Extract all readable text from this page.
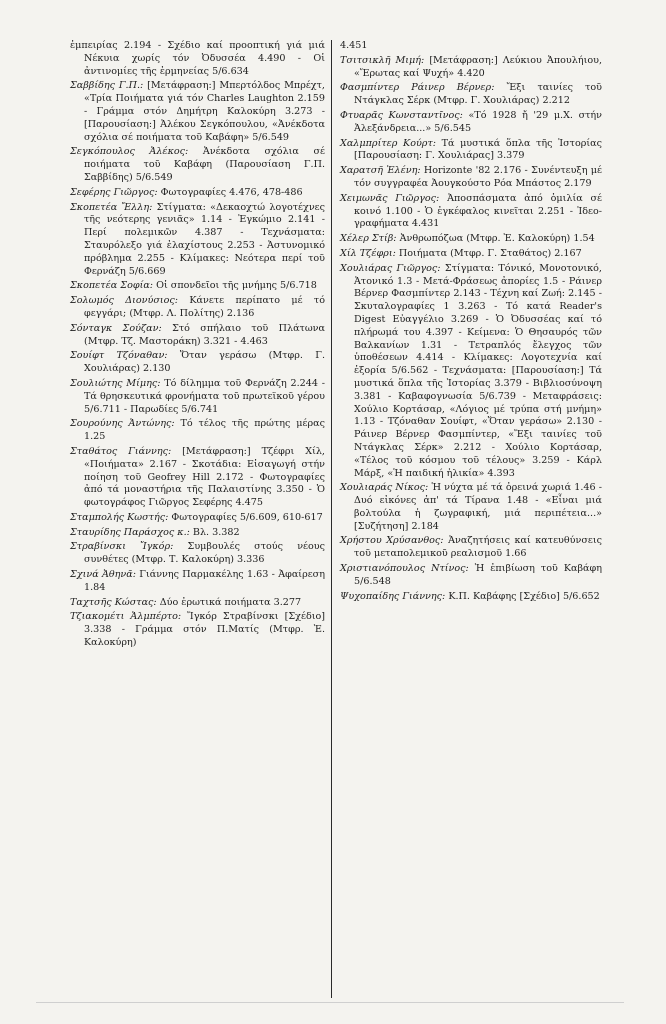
ἐμπειρίας 2.194 - Σχέδιο καί προοπτική γιά μιά Νέκυια χωρίς τόν Ὀδυσσέα 4.490 - Οἱ ἀντινομίες τῆς ἑρμηνείας 5/6.634

Σαββίδης Γ.Π.: [Μετάφραση:] Μπερτόλδος Μπρέχτ, «Τρία Ποιήματα γιά τόν Charles Laughton 2.159 - Γράμμα στόν Δημήτρη Καλοκύρη 3.273 - [Παρουσίαση:] Ἀλέκου Σεγκόπουλου, «Ἀνέκδοτα σχόλια σέ ποιήματα τοῦ Καβάφη» 5/6.549

Σεγκόπουλος Ἀλέκος: Ἀνέκδοτα σχόλια σέ ποιήματα τοῦ Καβάφη (Παρουσίαση Γ.Π. Σαββίδης) 5/6.549

Σεφέρης Γιῶργος: Φωτογραφίες 4.476, 478-486

Σκοπετέα Ἔλλη: Στίγματα: «Δεκαοχτώ λογοτέχνες τῆς νεότερης γενιᾶς» 1.14 - Ἐγκώμιο 2.141 - Περί πολεμικῶν 4.387 - Τεχνάσματα: Σταυρόλεξο γιά ἐλαχίστους 2.253 - Ἀστυνομικό πρόβλημα 2.255 - Κλίμακες: Νεότερα περί τοῦ Φερνάζη 5/6.669

Σκοπετέα Σοφία: Οἱ σπονδεῖοι τῆς μνήμης 5/6.718

Σολωμός Διονύσιος: Κάνετε περίπατο μέ τό φεγγάρι; (Μτφρ. Λ. Πολίτης) 2.136

Σόνταγκ Σούζαν: Στό σπήλαιο τοῦ Πλάτωνα (Μτφρ. Τζ. Μαστοράκη) 3.321 - 4.463

Σουίφτ Τζόναθαν: Ὅταν γεράσω (Μτφρ. Γ. Χουλιάρας) 2.130

Σουλιώτης Μίμης: Τό δίλημμα τοῦ Φερνάζη 2.244 - Τά θρησκευτικά φρονήματα τοῦ πρωτεϊκοῦ γέρου 5/6.711 - Παρωδίες 5/6.741

Σουρούνης Ἀντώνης: Τό τέλος τῆς πρώτης μέρας 1.25

Σταθάτος Γιάννης: [Μετάφραση:] Τζέφρι Χίλ, «Ποιήματα» 2.167 - Σκοτάδια: Εἰσαγωγή στήν ποίηση τοῦ Geofrey Hill 2.172 - Φωτογραφίες ἀπό τά μοναστήρια τῆς Παλαιστίνης 3.350 - Ὁ φωτογράφος Γιῶργος Σεφέρης 4.475

Σταμπολής Κωστής: Φωτογραφίες 5/6.609, 610-617

Σταυρίδης Παράσχος κ.: Βλ. 3.382

Στραβίνσκι Ἴγκόρ: Συμβουλές στούς νέους συνθέτες (Μτφρ. Τ. Καλοκύρη) 3.336

Σχινά Ἀθηνᾶ: Γιάννης Παρμακέλης 1.63 - Ἀφαίρεση 1.84

Ταχτσῆς Κώστας: Δύο ἐρωτικά ποιήματα 3.277

Τζιακομέτι Ἀλμπέρτο: Ἴγκόρ Στραβίνσκι [Σχέδιο] 3.338 - Γράμμα στόν Π.Ματίς (Μτφρ. Ἐ. Καλοκύρη)

4.451

Τσιτσικλῆ Μιμή: [Μετάφραση:] Λεύκιου Ἀπουλήιου, «Ἔρωτας καί Ψυχή» 4.420

Φασμπίντερ Ράινερ Βέρνερ: Ἔξι ταινίες τοῦ Ντάγκλας Σέρκ (Μτφρ. Γ. Χουλιάρας) 2.212

Φτυαρᾶς Κωνσταντῖνος: «Τό 1928 ἤ '29 μ.Χ. στήν Ἀλεξάνδρεια...» 5/6.545

Χαλμπρίτερ Κούρτ: Τά μυστικά ὅπλα τῆς Ἰστορίας [Παρουσίαση: Γ. Χουλιάρας] 3.379

Χαρατσῆ Ἐλένη: Horizonte '82 2.176 - Συνέντευξη μέ τόν συγγραφέα Ἀουγκούστο Ρόα Μπάστος 2.179

Χειμωνᾶς Γιῶργος: Ἀποσπάσματα ἀπό ὁμιλία σέ κοινό 1.100 - Ὁ ἐγκέφαλος κινεῖται 2.251 - Ἰδεο-γραφήματα 4.431

Χέλερ Στίβ: Ἀνθρωπόζωα (Μτφρ. Ἐ. Καλοκύρη) 1.54

Χίλ Τζέφρι: Ποιήματα (Μτφρ. Γ. Σταθάτος) 2.167

Χουλιάρας Γιῶργος: Στίγματα: Τόνικό, Μονοτονικό, Ἀτονικό 1.3 - Μετά-Φράσεως ἀπορίες 1.5 - Ράινερ Βέρνερ Φασμπίντερ 2.143 - Τέχνη καί Ζωή: 2.145 - Σκυταλογραφίες 1 3.263 - Τό κατά Reader's Digest Εὐαγγέλιο 3.269 - Ὁ Ὀδυσσέας καί τό πλήρωμά του 4.397 - Κείμενα: Ὁ Θησαυρός τῶν Βαλκανίων 1.31 - Τετραπλός ἔλεγχος τῶν ὑποθέσεων 4.414 - Κλίμακες: Λογοτεχνία καί ἐξορία 5/6.562 - Τεχνάσματα: [Παρουσίαση:] Τά μυστικά ὅπλα τῆς Ἰστορίας 3.379 - Βιβλιοσύνοψη 3.381 - Καβαφογνωσία 5/6.739 - Μεταφράσεις: Χούλιο Κορτάσαρ, «Λόγιος μέ τρύπα στή μνήμη» 1.13 - Τζόναθαν Σουίφτ, «Ὅταν γεράσω» 2.130 - Ράινερ Βέρνερ Φασμπίντερ, «Ἔξι ταινίες τοῦ Ντάγκλας Σέρκ» 2.212 - Χούλιο Κορτάσαρ, «Τέλος τοῦ κόσμου τοῦ τέλους» 3.259 - Κάρλ Μάρξ, «Ἡ παιδική ἡλικία» 4.393

Χουλιαράς Νίκος: Ἡ νύχτα μέ τά ὀρεινά χωριά 1.46 - Δυό εἰκόνες ἀπ' τά Τίρανα 1.48 - «Εἶναι μιά βολτούλα ἡ ζωγραφική, μιά περιπέτεια...» [Συζήτηση] 2.184

Χρήστου Χρύσανθος: Ἀναζητήσεις καί κατευθύνσεις τοῦ μεταπολεμικοῦ ρεαλισμοῦ 1.66

Χριστιανόπουλος Ντίνος: Ἡ ἐπιβίωση τοῦ Καβάφη 5/6.548

Ψυχοπαίδης Γιάννης: Κ.Π. Καβάφης [Σχέδιο] 5/6.652
